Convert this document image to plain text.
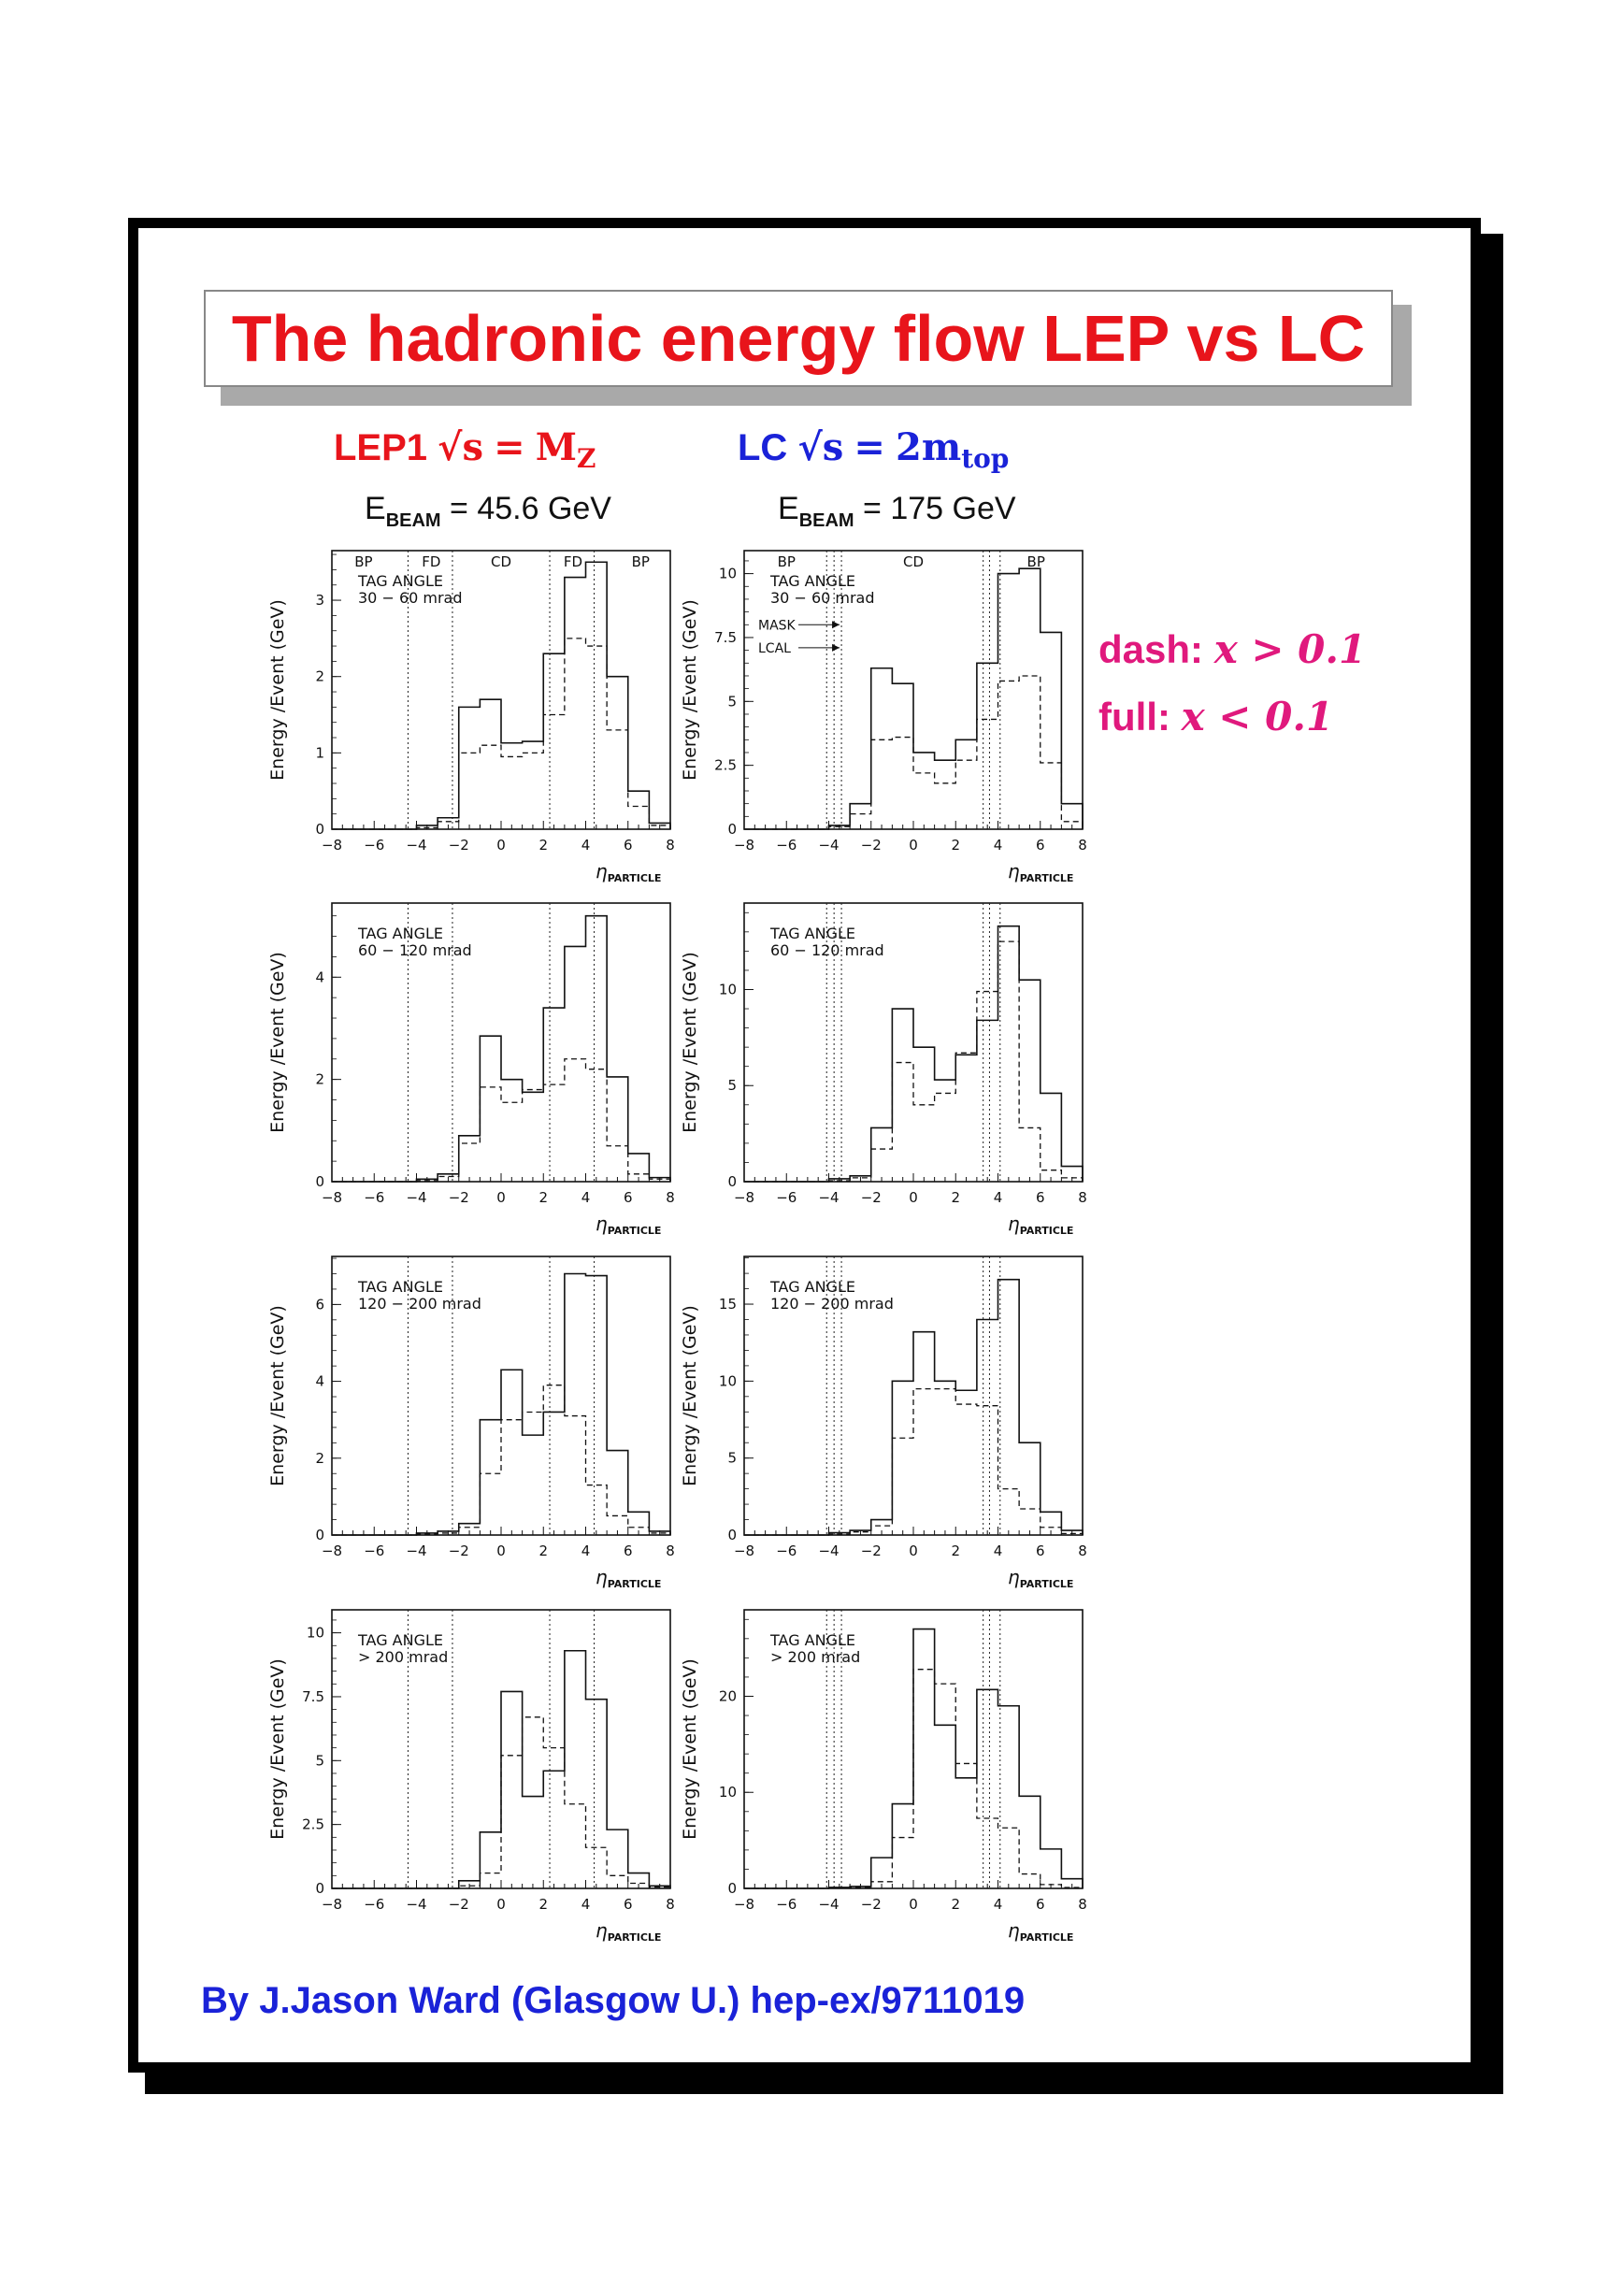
The hadronic energy flow LEP vs LC
LEP1 $√s = M_Z$	LC $√s = 2m_{top}$
$E_{BEAM} = 45.6$ GeV	$E_{BEAM} = 175$ GeV
dash: x > 0.1
full: x < 0.1
−8 −6 −4 −2 0 2 4 6 8
0
1
2
3
TAG ANGLE
30 − 60 mrad
BP	FD	CD	FD	BP
Energy /Event (GeV)
$\eta_{PARTICLE}$
−8 −6 −4 −2 0 2 4 6 8
0
2.5
5
7.5
10 TAG ANGLE
30 − 60 mrad
BP	CD	BP
MASK
LCAL
Energy /Event (GeV)
$\eta_{PARTICLE}$
−8 −6 −4 −2 0 2 4 6 8
0
2
4
TAG ANGLE
60 − 120 mrad
Energy /Event (GeV)
$\eta_{PARTICLE}$
−8 −6 −4 −2 0 2 4 6 8
0
5
10
TAG ANGLE
60 − 120 mrad
Energy /Event (GeV)
$\eta_{PARTICLE}$
−8 −6 −4 −2 0 2 4 6 8
0
2
4
6
TAG ANGLE
120 − 200 mrad
Energy /Event (GeV)
$\eta_{PARTICLE}$
−8 −6 −4 −2 0 2 4 6 8
0
5
10
15
TAG ANGLE
120 − 200 mrad
Energy /Event (GeV)
$\eta_{PARTICLE}$
−8 −6 −4 −2 0 2 4 6 8
0
2.5
5
7.5
10 TAG ANGLE
> 200 mrad
Energy /Event (GeV)
$\eta_{PARTICLE}$
−8 −6 −4 −2 0 2 4 6 8
0
10
20
TAG ANGLE
> 200 mrad
Energy /Event (GeV)
$\eta_{PARTICLE}$
By J.Jason Ward (Glasgow U.) hep-ex/9711019
